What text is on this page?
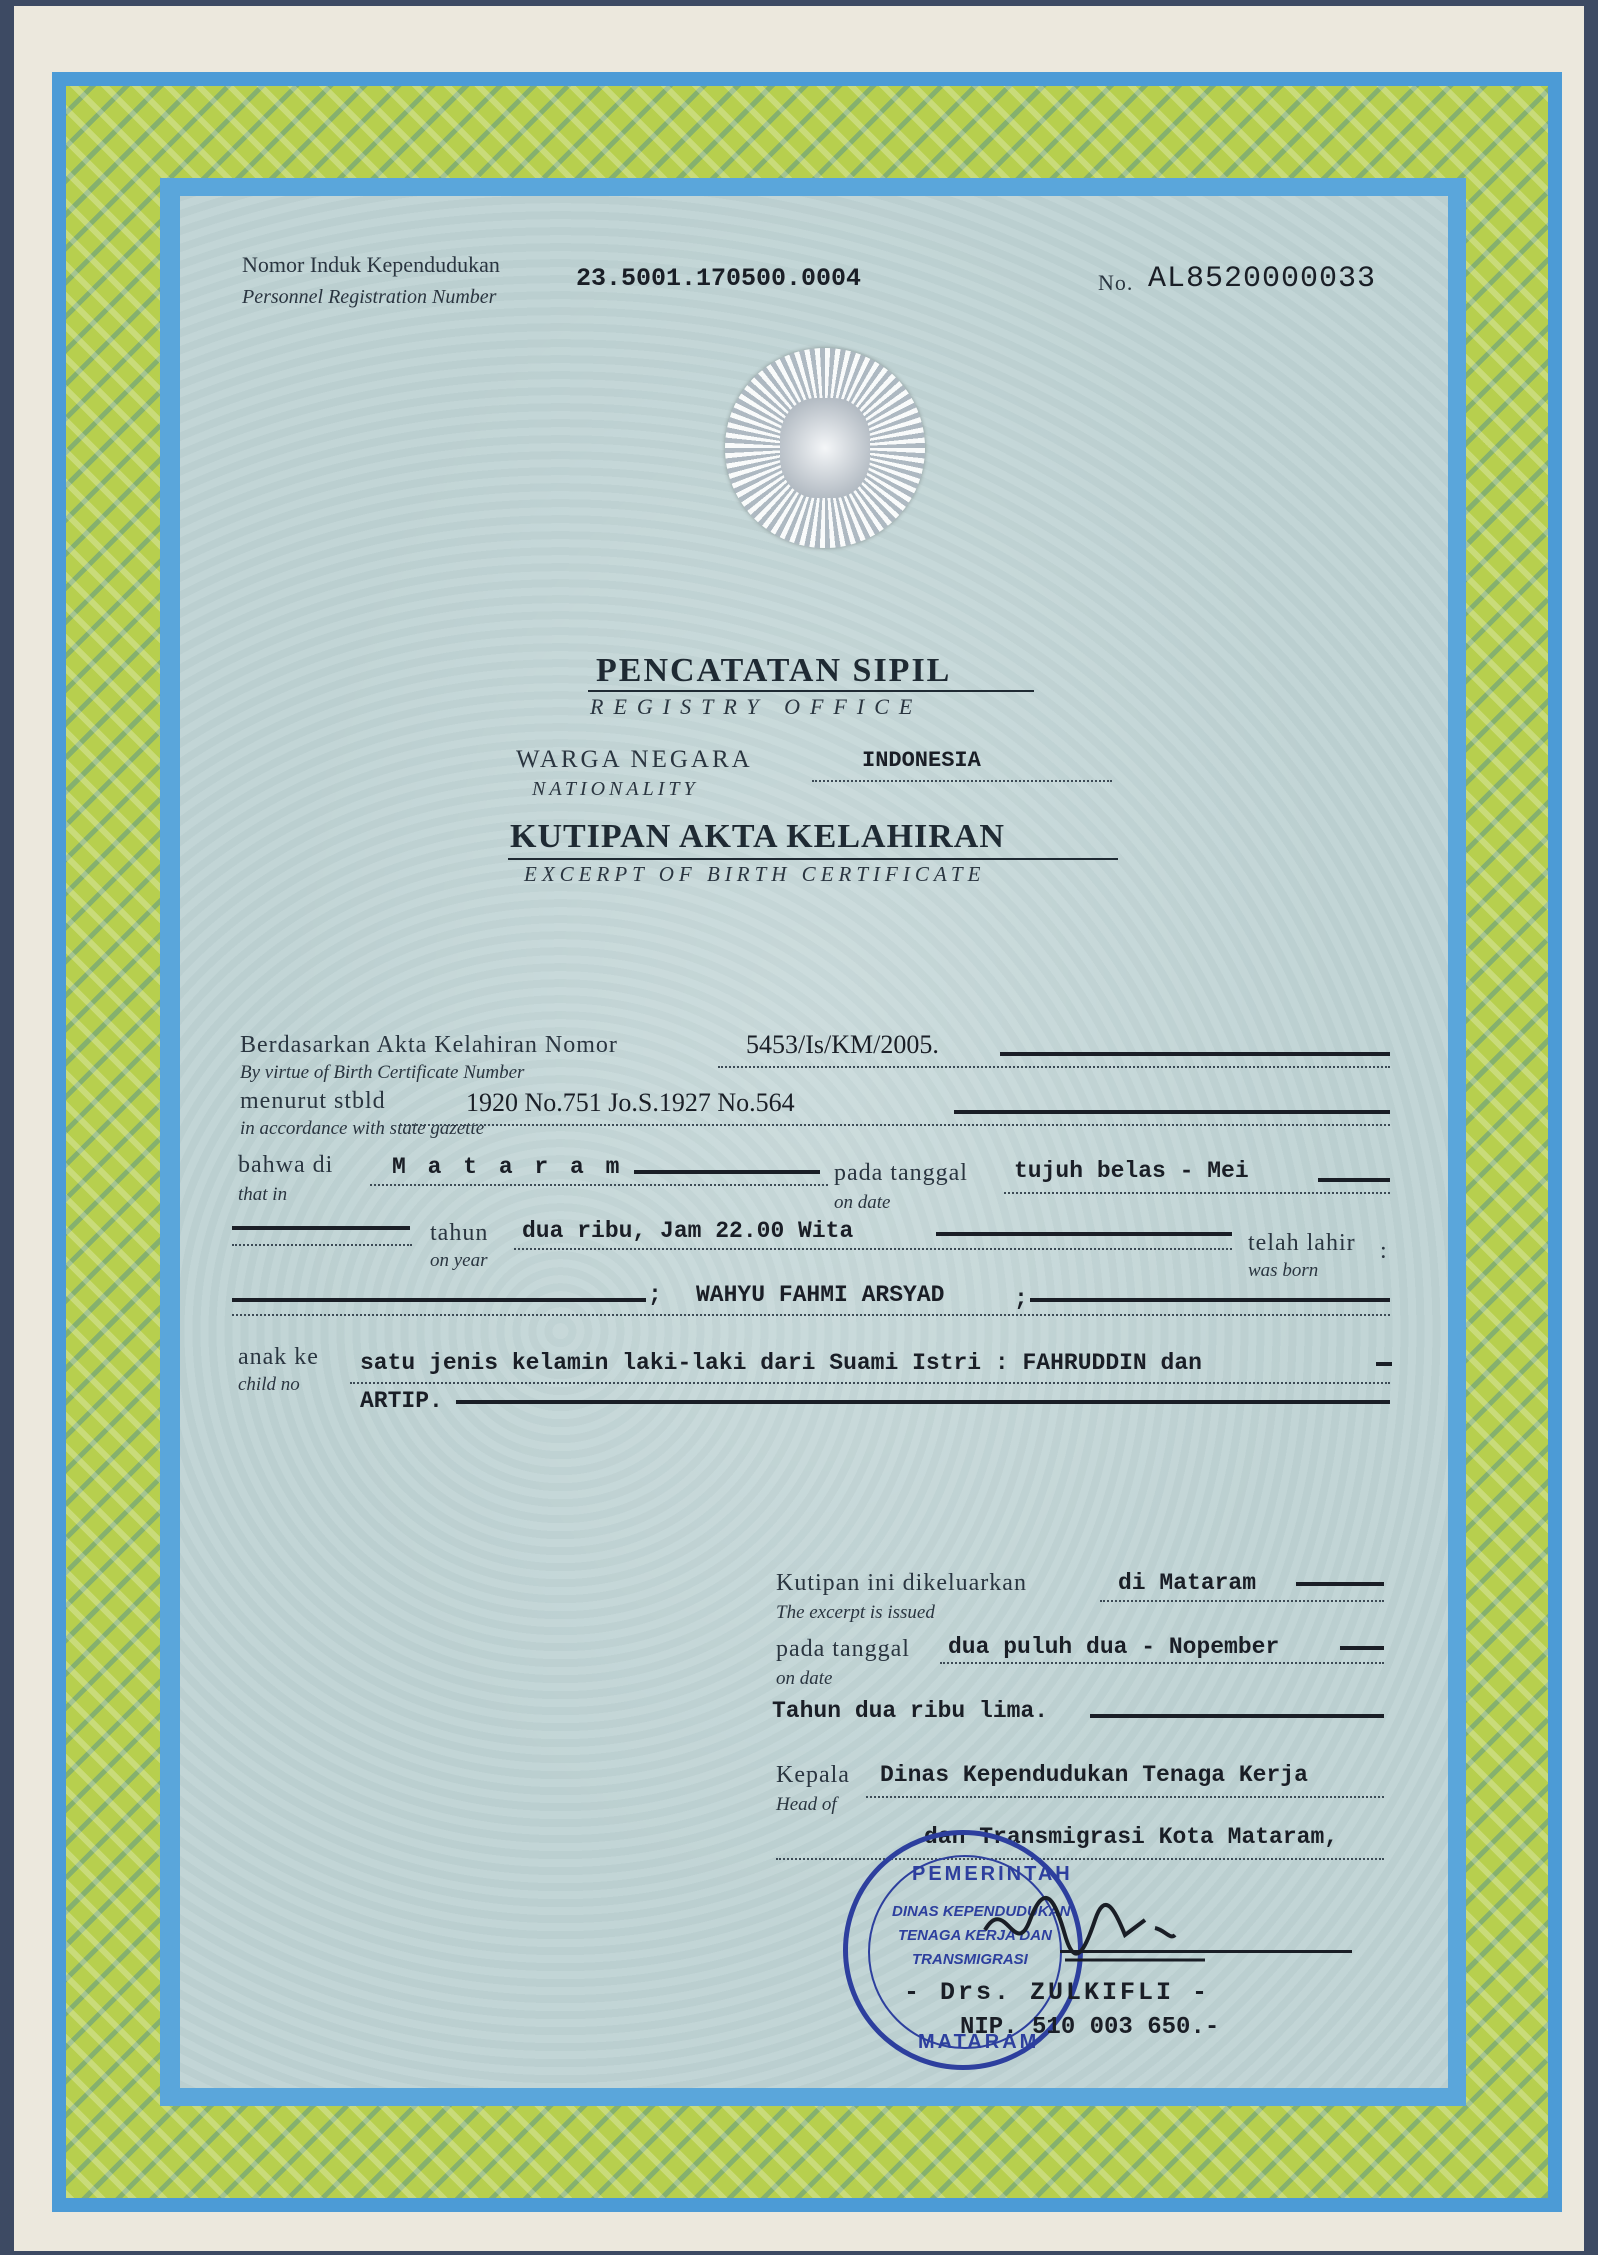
Nomor Induk Kependudukan
Personnel Registration Number
23.5001.170500.0004	No. AL8520000033
PENCATATAN SIPIL
REGISTRY OFFICE
WARGA NEGARA
NATIONALITY
INDONESIA
KUTIPAN AKTA KELAHIRAN
EXCERPT OF BIRTH CERTIFICATE
Berdasarkan Akta Kelahiran Nomor
By virtue of Birth Certificate Number
5453/Is/KM/2005.
menurut stbld
in accordance with state gazette
1920 No.751 Jo.S.1927 No.564
bahwa di
that in
M a t a r a m	pada tanggal
on date
tujuh belas - Mei
tahun
on year
dua ribu, Jam 22.00 Wita	telah lahir
was born
:
; WAHYU FAHMI ARSYAD	;
anak ke
child no
satu jenis kelamin laki-laki dari Suami Istri : FAHRUDDIN dan
ARTIP.
Kutipan ini dikeluarkan
The excerpt is issued
di Mataram
pada tanggal
on date
dua puluh dua - Nopember
Tahun dua ribu lima.
Kepala
Head of
Dinas Kependudukan Tenaga Kerja
dan Transmigrasi Kota Mataram,
PEMERINTAH
DINAS KEPENDUDUKAN
TENAGA KERJA DAN
TRANSMIGRASI
MATARAM
- Drs. ZULKIFLI -
NIP. 510 003 650.-
